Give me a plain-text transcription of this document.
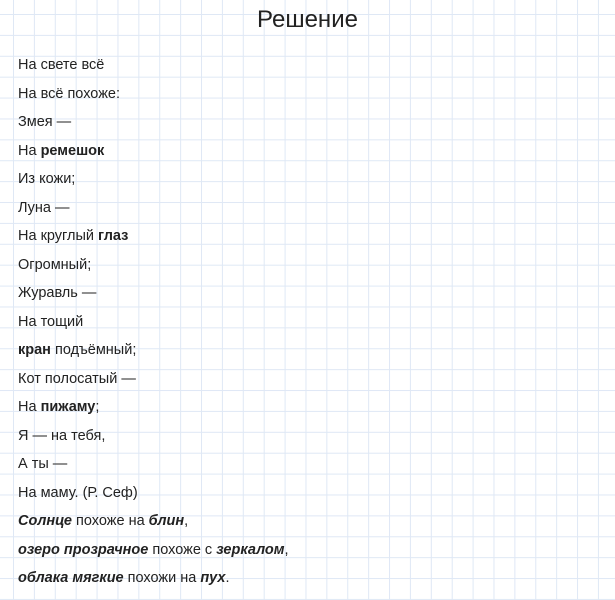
Решение
На свете всё
На всё похоже:
Змея —
На ремешок
Из кожи;
Луна —
На круглый глаз
Огромный;
Журавль —
На тощий
кран подъёмный;
Кот полосатый —
На пижаму;
Я — на тебя,
А ты —
На маму. (Р. Сеф)
Солнце похоже на блин,
озеро прозрачное похоже с зеркалом,
облака мягкие похожи на пух.
